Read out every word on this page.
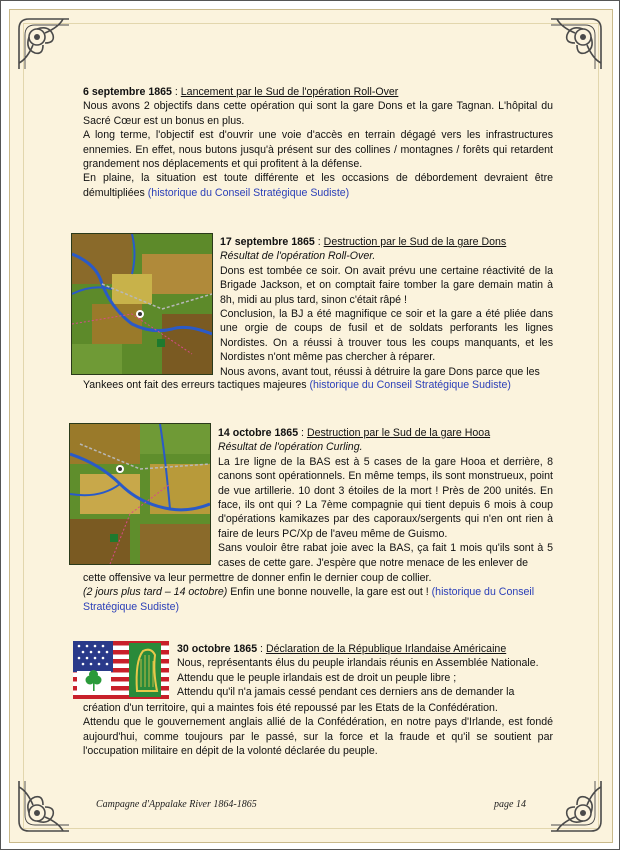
6 septembre 1865 : Lancement par le Sud de l'opération Roll-Over

Nous avons 2 objectifs dans cette opération qui sont la gare Dons et la gare Tagnan. L'hôpital du Sacré Cœur est un bonus en plus.

A long terme, l'objectif est d'ouvrir une voie d'accès en terrain dégagé vers les infrastructures ennemies. En effet, nous butons jusqu'à présent sur des collines / montagnes / forêts qui retardent grandement nos déplacements et qui profitent à la défense.

En plaine, la situation est toute différente et les occasions de débordement devraient être démultipliées (historique du Conseil Stratégique Sudiste)

17 septembre 1865 : Destruction par le Sud de la gare Dons

Résultat de l'opération Roll-Over.

Dons est tombée ce soir. On avait prévu une certaine réactivité de la Brigade Jackson, et on comptait faire tomber la gare demain matin à 8h, midi au plus tard, sinon c'était râpé !

Conclusion, la BJ a été magnifique ce soir et la gare a été pliée dans une orgie de coups de fusil et de soldats perforants les lignes Nordistes. On a réussi à trouver tous les coups manquants, et les Nordistes n'ont même pas chercher à réparer.

Nous avons, avant tout, réussi à détruire la gare Dons parce que les

Yankees ont fait des erreurs tactiques majeures (historique du Conseil Stratégique Sudiste)

14 octobre 1865 : Destruction par le Sud de la gare Hooa

Résultat de l'opération Curling.

La 1re ligne de la BAS est à 5 cases de la gare Hooa et derrière, 8 canons sont opérationnels. En même temps, ils sont monstrueux, point de vue artillerie. 10 dont 3 étoiles de la mort ! Près de 200 unités. En face, ils ont qui ? La 7ème compagnie qui tient depuis 6 mois à coup d'opérations kamikazes par des caporaux/sergents qui n'en ont rien à faire de leurs PC/Xp de l'aveu même de Guismo.

Sans vouloir être rabat joie avec la BAS, ça fait 1 mois qu'ils sont à 5 cases de cette gare. J'espère que notre menace de les enlever de

cette offensive va leur permettre de donner enfin le dernier coup de collier.

(2 jours plus tard – 14 octobre) Enfin une bonne nouvelle, la gare est out ! (historique du Conseil Stratégique Sudiste)

30 octobre 1865 : Déclaration de la République Irlandaise Américaine

Nous, représentants élus du peuple irlandais réunis en Assemblée Nationale.

Attendu que le peuple irlandais est de droit un peuple libre ;

Attendu qu'il n'a jamais cessé pendant ces derniers ans de demander la

création d'un territoire, qui a maintes fois été repoussé par les Etats de la Confédération.

Attendu que le gouvernement anglais allié de la Confédération, en notre pays d'Irlande, est fondé aujourd'hui, comme toujours par le passé, sur la force et la fraude et qu'il se soutient par l'occupation militaire en dépit de la volonté déclarée du peuple.

Campagne d'Appalake River 1864-1865	page 14
